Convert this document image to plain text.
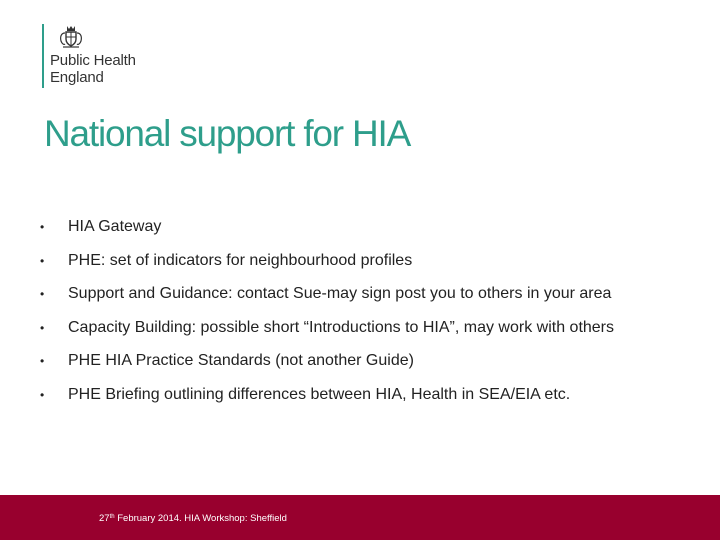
Public Health
England
National support for HIA
•	HIA Gateway
•	PHE: set of indicators for neighbourhood profiles
•	Support and Guidance: contact Sue-may sign post you to others in your area
•	Capacity Building: possible short “Introductions to HIA”, may work with others
•	PHE HIA Practice Standards (not another Guide)
•	PHE Briefing outlining differences between HIA, Health in SEA/EIA etc.
27th February 2014. HIA Workshop: Sheffield
